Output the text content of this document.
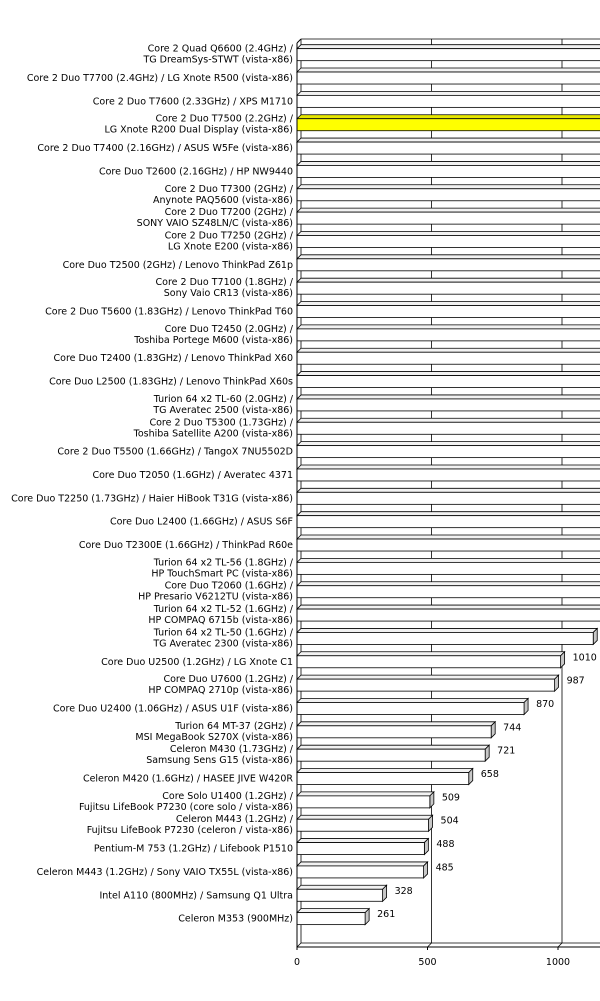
Core 2 Quad Q6600 (2.4GHz) / TG DreamSys-STWT (vista-x86)
Core 2 Duo T7700 (2.4GHz) / LG Xnote R500 (vista-x86)
Core 2 Duo T7600 (2.33GHz) / XPS M1710
Core 2 Duo T7500 (2.2GHz) / LG Xnote R200 Dual Display (vista-x86)
Core 2 Duo T7400 (2.16GHz) / ASUS W5Fe (vista-x86)
Core Duo T2600 (2.16GHz) / HP NW9440
Core 2 Duo T7300 (2GHz) / Anynote PAQ5600 (vista-x86)
Core 2 Duo T7200 (2GHz) / SONY VAIO SZ48LN/C (vista-x86)
Core 2 Duo T7250 (2GHz) / LG Xnote E200 (vista-x86)
Core Duo T2500 (2GHz) / Lenovo ThinkPad Z61p
Core 2 Duo T7100 (1.8GHz) / Sony Vaio CR13 (vista-x86)
Core 2 Duo T5600 (1.83GHz) / Lenovo ThinkPad T60
Core Duo T2450 (2.0GHz) / Toshiba Portege M600 (vista-x86)
Core Duo T2400 (1.83GHz) / Lenovo ThinkPad X60
Core Duo L2500 (1.83GHz) / Lenovo ThinkPad X60s
Turion 64 x2 TL-60 (2.0GHz) / TG Averatec 2500 (vista-x86)
Core 2 Duo T5300 (1.73GHz) / Toshiba Satellite A200 (vista-x86)
Core 2 Duo T5500 (1.66GHz) / TangoX 7NU5502D
Core Duo T2050 (1.6GHz) / Averatec 4371
Core Duo T2250 (1.73GHz) / Haier HiBook T31G (vista-x86)
Core Duo L2400 (1.66GHz) / ASUS S6F
Core Duo T2300E (1.66GHz) / ThinkPad R60e
Turion 64 x2 TL-56 (1.8GHz) / HP TouchSmart PC (vista-x86)
Core Duo T2060 (1.6GHz) / HP Presario V6212TU (vista-x86)
Turion 64 x2 TL-52 (1.6GHz) / HP COMPAQ 6715b (vista-x86)
Turion 64 x2 TL-50 (1.6GHz) / TG Averatec 2300 (vista-x86)
Core Duo U2500 (1.2GHz) / LG Xnote C1
Core Duo U7600 (1.2GHz) / HP COMPAQ 2710p (vista-x86)
Core Duo U2400 (1.06GHz) / ASUS U1F (vista-x86)
Turion 64 MT-37 (2GHz) / MSI MegaBook S270X (vista-x86)
Celeron M430 (1.73GHz) / Samsung Sens G15 (vista-x86)
Celeron M420 (1.6GHz) / HASEE JIVE W420R
Core Solo U1400 (1.2GHz) / Fujitsu LifeBook P7230 (core solo / vista-x86)
Celeron M443 (1.2GHz) / Fujitsu LifeBook P7230 (celeron / vista-x86)
Pentium-M 753 (1.2GHz) / Lifebook P1510
Celeron M443 (1.2GHz) / Sony VAIO TX55L (vista-x86)
Intel A110 (800MHz) / Samsung Q1 Ultra
Celeron M353 (900MHz)
1010
987
870
744
721
658
509
504
488
485
328
261
0	500	1000
